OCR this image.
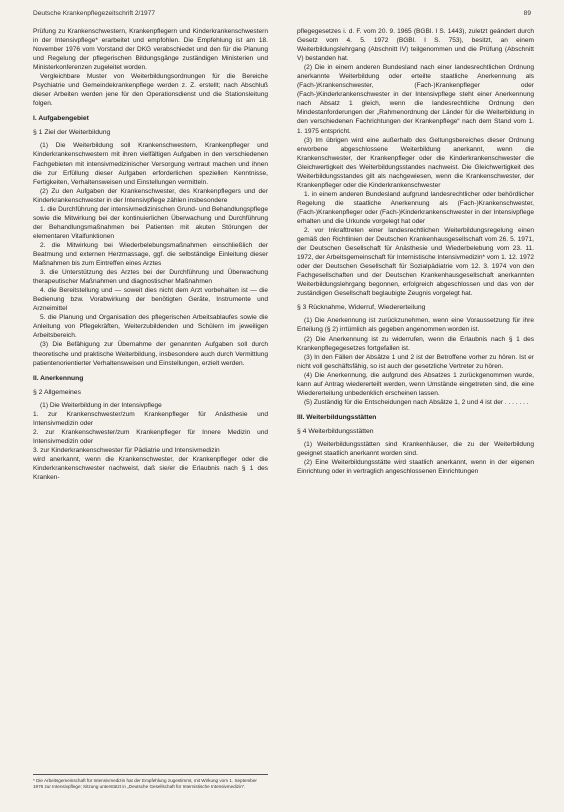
Deutsche Krankenpflegezeitschrift 2/1977	89

Prüfung zu Krankenschwestern, Krankenpflegern und Kinderkrankenschwestern in der Intensivpflege* erarbeitet und empfohlen. Die Empfehlung ist am 18. November 1976 vom Vorstand der DKG verabschiedet und den für die Planung und Regelung der pflegerischen Bildungsgänge zuständigen Ministerien und Ministerkonferenzen zugeleitet worden.

Vergleichbare Muster von Weiterbildungsordnungen für die Bereiche Psychiatrie und Gemeindekrankenpflege werden z. Z. erstellt; nach Abschluß dieser Arbeiten werden jene für den Operationsdienst und die Stationsleitung folgen.

I. Aufgabengebiet
§ 1 Ziel der Weiterbildung

(1) Die Weiterbildung soll Krankenschwestern, Krankenpfleger und Kinderkrankenschwestern mit ihren vielfältigen Aufgaben in den verschiedenen Fachgebieten mit intensivmedizinischer Versorgung vertraut machen und ihnen die zur Erfüllung dieser Aufgaben erforderlichen speziellen Kenntnisse, Fertigkeiten, Verhaltensweisen und Einstellungen vermitteln.

(2) Zu den Aufgaben der Krankenschwester, des Krankenpflegers und der Kinderkrankenschwester in der Intensivpflege zählen insbesondere

1. die Durchführung der intensivmedizinischen Grund- und Behandlungspflege sowie die Mitwirkung bei der kontinuierlichen Überwachung und Durchführung der Behandlungsmaßnahmen bei Patienten mit akuten Störungen der elementaren Vitalfunktionen

2. die Mitwirkung bei Wiederbelebungsmaßnahmen einschließlich der Beatmung und externen Herzmassage, ggf. die selbständige Einleitung dieser Maßnahmen bis zum Eintreffen eines Arztes

3. die Unterstützung des Arztes bei der Durchführung und Überwachung therapeutischer Maßnahmen und diagnostischer Maßnahmen

4. die Bereitstellung und — soweit dies nicht dem Arzt vorbehalten ist — die Bedienung bzw. Vorabwirkung der benötigten Geräte, Instrumente und Arzneimittel

5. die Planung und Organisation des pflegerischen Arbeitsablaufes sowie die Anleitung von Pflegekräften, Weiterzubildenden und Schülern im jeweiligen Arbeitsbereich.

(3) Die Befähigung zur Übernahme der genannten Aufgaben soll durch theoretische und praktische Weiterbildung, insbesondere auch durch Vermittlung patientenorientierter Verhaltensweisen und Einstellungen, erzielt werden.

II. Anerkennung
§ 2 Allgemeines

(1) Die Weiterbildung in der Intensivpflege

1. zur Krankenschwester/zum Krankenpfleger für Anästhesie und Intensivmedizin oder

2. zur Krankenschwester/zum Krankenpfleger für Innere Medizin und Intensivmedizin oder

3. zur Kinderkrankenschwester für Pädiatrie und Intensivmedizin

wird anerkannt, wenn die Krankenschwester, der Krankenpfleger oder die Kinderkrankenschwester nachweist, daß sie/er die Erlaubnis nach § 1 des Kranken-

* Die Arbeitsgemeinschaft für Intensivmedizin hat der Empfehlung zugestimmt, mit Wirkung vom 1. September 1976 zur Intensivpflege; Sitzung unterstützt in „Deutsche Gesellschaft für Internistische Intensivmedizin“.

pflegegesetzes i. d. F. vom 20. 9. 1965 (BGBl. I S. 1443), zuletzt geändert durch Gesetz vom 4. 5. 1972 (BGBl. I S. 753), besitzt, an einem Weiterbildungslehrgang (Abschnitt IV) teilgenommen und die Prüfung (Abschnitt V) bestanden hat.

(2) Die in einem anderen Bundesland nach einer landesrechtlichen Ordnung anerkannte Weiterbildung oder erteilte staatliche Anerkennung als (Fach-)Krankenschwester, (Fach-)Krankenpfleger oder (Fach-)Kinderkrankenschwester in der Intensivpflege steht einer Anerkennung nach Absatz 1 gleich, wenn die landesrechtliche Ordnung den Mindestanforderungen der „Rahmenordnung der Länder für die Weiterbildung in den verschiedenen Fachrichtungen der Krankenpflege“ nach dem Stand vom 1. 1. 1975 entspricht.

(3) Im übrigen wird eine außerhalb des Geltungsbereiches dieser Ordnung erworbene abgeschlossene Weiterbildung anerkannt, wenn die Krankenschwester, der Krankenpfleger oder die Kinderkrankenschwester die Gleichwertigkeit des Weiterbildungsstandes nachweist. Die Gleichwertigkeit des Weiterbildungsstandes gilt als nachgewiesen, wenn die Krankenschwester, der Krankenpfleger oder die Kinderkrankenschwester

1. in einem anderen Bundesland aufgrund landesrechtlicher oder behördlicher Regelung die staatliche Anerkennung als (Fach-)Krankenschwester, (Fach-)Krankenpfleger oder (Fach-)Kinderkrankenschwester in der Intensivpflege erhalten und die Urkunde vorgelegt hat oder

2. vor Inkrafttreten einer landesrechtlichen Weiterbildungsregelung einen gemäß den Richtlinien der Deutschen Krankenhausgesellschaft vom 26. 5. 1971, der Deutschen Gesellschaft für Anästhesie und Wiederbelebung vom 23. 11. 1972, der Arbeitsgemeinschaft für Internistische Intensivmedizin* vom 1. 12. 1972 oder der Deutschen Gesellschaft für Sozialpädiatrie vom 12. 3. 1974 von den Fachgesellschaften und der Deutschen Krankenhausgesellschaft anerkannten Weiterbildungslehrgang begonnen, erfolgreich abgeschlossen und das von der zuständigen Gesellschaft beglaubigte Zeugnis vorgelegt hat.

§ 3 Rücknahme, Widerruf, Wiedererteilung

(1) Die Anerkennung ist zurückzunehmen, wenn eine Voraussetzung für ihre Erteilung (§ 2) irrtümlich als gegeben angenommen worden ist.

(2) Die Anerkennung ist zu widerrufen, wenn die Erlaubnis nach § 1 des Krankenpflegegesetzes fortgefallen ist.

(3) In den Fällen der Absätze 1 und 2 ist der Betroffene vorher zu hören. Ist er nicht voll geschäftsfähig, so ist auch der gesetzliche Vertreter zu hören.

(4) Die Anerkennung, die aufgrund des Absatzes 1 zurückgenommen wurde, kann auf Antrag wiedererteilt werden, wenn Umstände eingetreten sind, die eine Wiedererteilung unbedenklich erscheinen lassen.

(5) Zuständig für die Entscheidungen nach Absätze 1, 2 und 4 ist der . . . . . . .

III. Weiterbildungsstätten
§ 4 Weiterbildungsstätten

(1) Weiterbildungsstätten sind Krankenhäuser, die zu der Weiterbildung geeignet staatlich anerkannt worden sind.

(2) Eine Weiterbildungsstätte wird staatlich anerkannt, wenn in der eigenen Einrichtung oder in vertraglich angeschlossenen Einrichtungen
